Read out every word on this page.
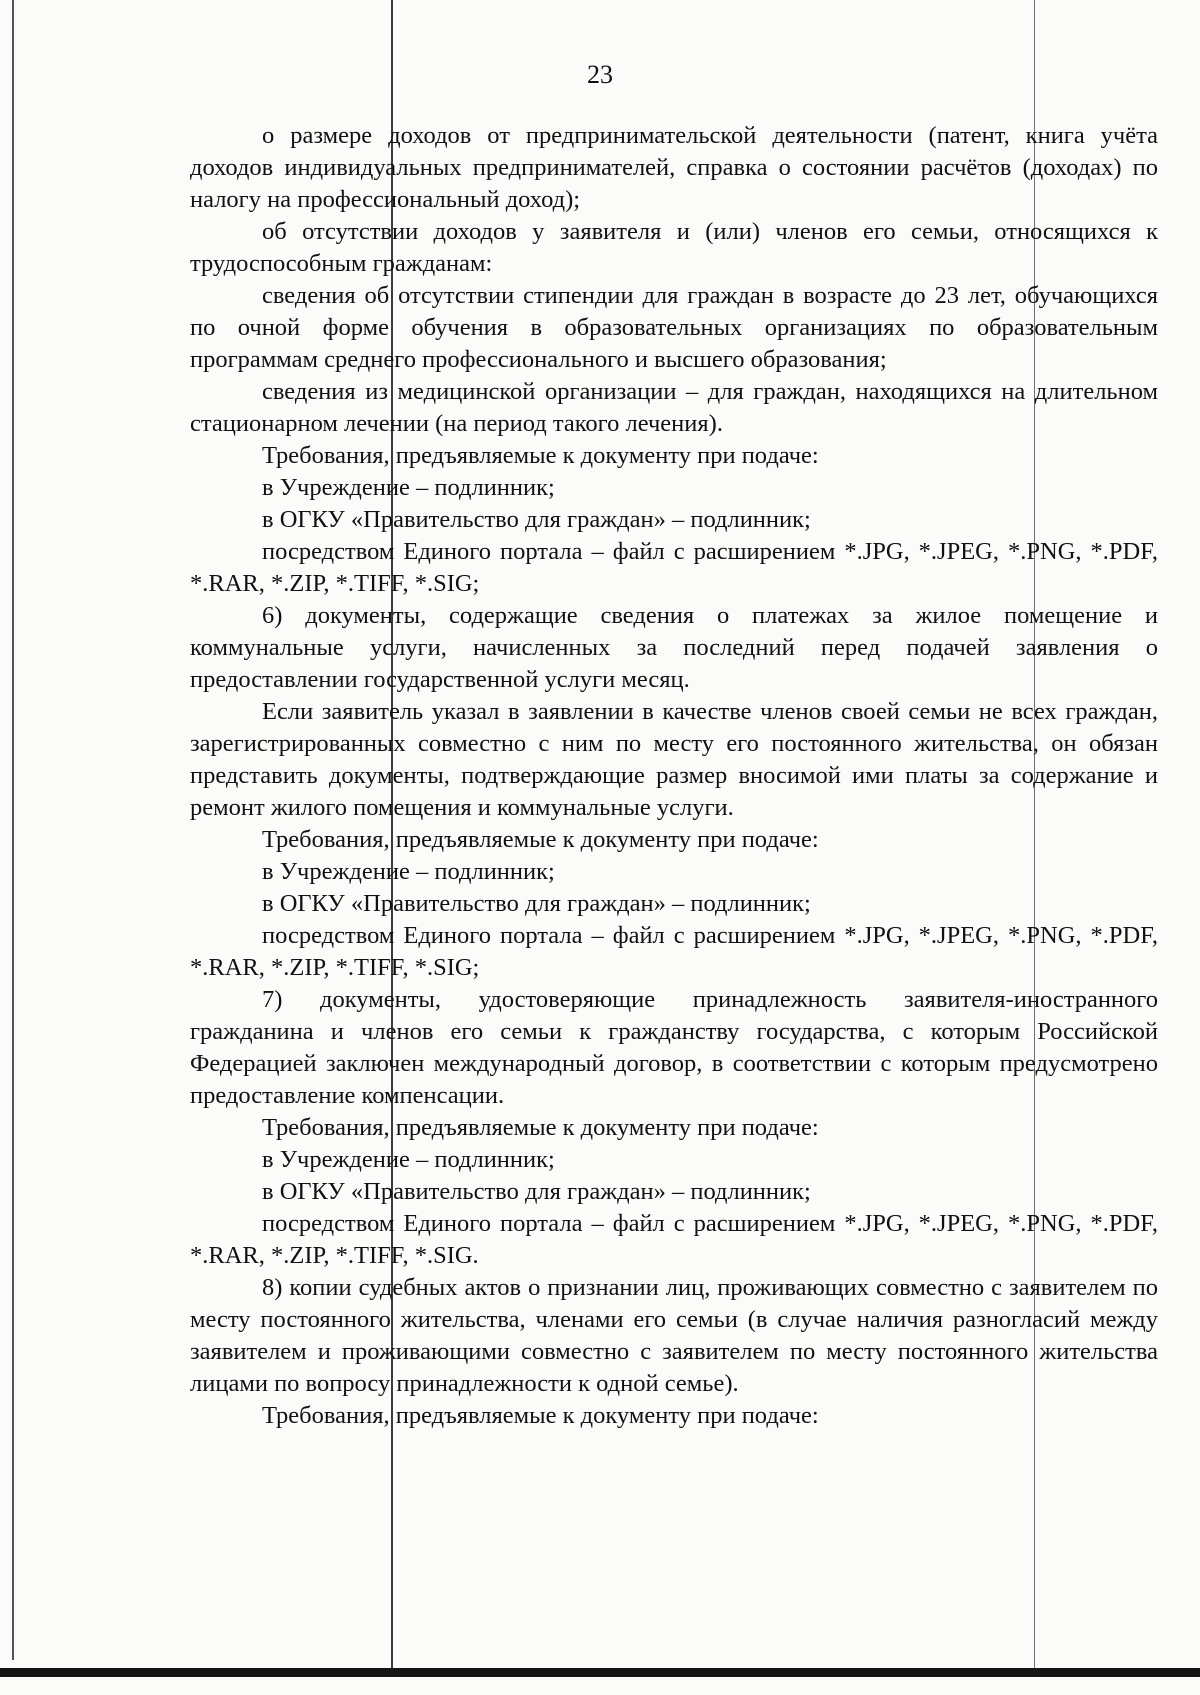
23

о размере доходов от предпринимательской деятельности (патент, книга учёта доходов индивидуальных предпринимателей, справка о состоянии расчётов (доходах) по налогу на профессиональный доход);

об отсутствии доходов у заявителя и (или) членов его семьи, относящихся к трудоспособным гражданам:

сведения об отсутствии стипендии для граждан в возрасте до 23 лет, обучающихся по очной форме обучения в образовательных организациях по образовательным программам среднего профессионального и высшего образования;

сведения из медицинской организации – для граждан, находящихся на длительном стационарном лечении (на период такого лечения).

Требования, предъявляемые к документу при подаче:

в Учреждение – подлинник;

в ОГКУ «Правительство для граждан» – подлинник;

посредством Единого портала – файл с расширением *.JPG, *.JPEG, *.PNG, *.PDF, *.RAR, *.ZIP, *.TIFF, *.SIG;

6) документы, содержащие сведения о платежах за жилое помещение и коммунальные услуги, начисленных за последний перед подачей заявления о предоставлении государственной услуги месяц.

Если заявитель указал в заявлении в качестве членов своей семьи не всех граждан, зарегистрированных совместно с ним по месту его постоянного жительства, он обязан представить документы, подтверждающие размер вносимой ими платы за содержание и ремонт жилого помещения и коммунальные услуги.

Требования, предъявляемые к документу при подаче:

в Учреждение – подлинник;

в ОГКУ «Правительство для граждан» – подлинник;

посредством Единого портала – файл с расширением *.JPG, *.JPEG, *.PNG, *.PDF, *.RAR, *.ZIP, *.TIFF, *.SIG;

7) документы, удостоверяющие принадлежность заявителя-иностранного гражданина и членов его семьи к гражданству государства, с которым Российской Федерацией заключен международный договор, в соответствии с которым предусмотрено предоставление компенсации.

Требования, предъявляемые к документу при подаче:

в Учреждение – подлинник;

в ОГКУ «Правительство для граждан» – подлинник;

посредством Единого портала – файл с расширением *.JPG, *.JPEG, *.PNG, *.PDF, *.RAR, *.ZIP, *.TIFF, *.SIG.

8) копии судебных актов о признании лиц, проживающих совместно с заявителем по месту постоянного жительства, членами его семьи (в случае наличия разногласий между заявителем и проживающими совместно с заявителем по месту постоянного жительства лицами по вопросу принадлежности к одной семье).

Требования, предъявляемые к документу при подаче:
